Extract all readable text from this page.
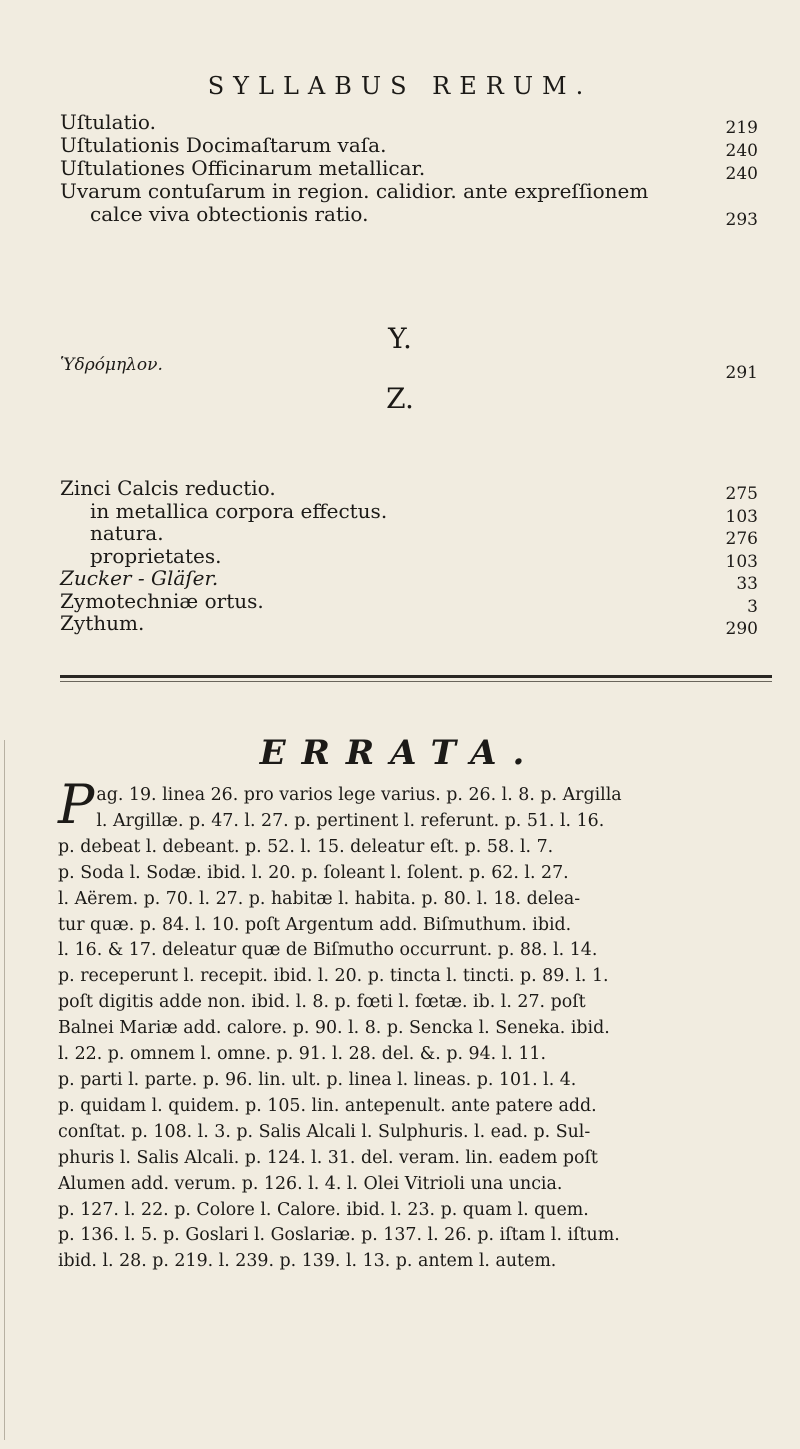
SYLLABUS RERUM.
Uſtulatio.	219
Uſtulationis Docimaſtarum vaſa.	240
Uſtulationes Officinarum metallicar.	240
Uvarum contuſarum in region. calidior. ante expreſſionem
calce viva obtectionis ratio.	293
Y.
Ὑδρόμηλον.	291
Z.
Zinci Calcis reductio.	275
in metallica corpora effectus.	103
natura.	276
proprietates.	103
Zucker - Gläſer.	33
Zymotechniæ ortus.	3
Zythum.	290
ERRATA.
P ag. 19. linea 26. pro varios lege varius. p. 26. l. 8. p. Argilla
l. Argillæ. p. 47. l. 27. p. pertinent l. referunt. p. 51. l. 16.
p. debeat l. debeant. p. 52. l. 15. deleatur eſt. p. 58. l. 7.
p. Soda l. Sodæ. ibid. l. 20. p. ſoleant l. ſolent. p. 62. l. 27.
l. Aërem. p. 70. l. 27. p. habitæ l. habita. p. 80. l. 18. delea-
tur quæ. p. 84. l. 10. poſt Argentum add. Biſmuthum. ibid.
l. 16. & 17. deleatur quæ de Biſmutho occurrunt. p. 88. l. 14.
p. receperunt l. recepit. ibid. l. 20. p. tincta l. tincti. p. 89. l. 1.
poſt digitis adde non. ibid. l. 8. p. fœti l. fœtæ. ib. l. 27. poſt
Balnei Mariæ add. calore. p. 90. l. 8. p. Sencka l. Seneka. ibid.
l. 22. p. omnem l. omne. p. 91. l. 28. del. &. p. 94. l. 11.
p. parti l. parte. p. 96. lin. ult. p. linea l. lineas. p. 101. l. 4.
p. quidam l. quidem. p. 105. lin. antepenult. ante patere add.
conſtat. p. 108. l. 3. p. Salis Alcali l. Sulphuris. l. ead. p. Sul-
phuris l. Salis Alcali. p. 124. l. 31. del. veram. lin. eadem poſt
Alumen add. verum. p. 126. l. 4. l. Olei Vitrioli una uncia.
p. 127. l. 22. p. Colore l. Calore. ibid. l. 23. p. quam l. quem.
p. 136. l. 5. p. Goslari l. Goslariæ. p. 137. l. 26. p. iſtam l. iſtum.
ibid. l. 28. p. 219. l. 239. p. 139. l. 13. p. antem l. autem.
